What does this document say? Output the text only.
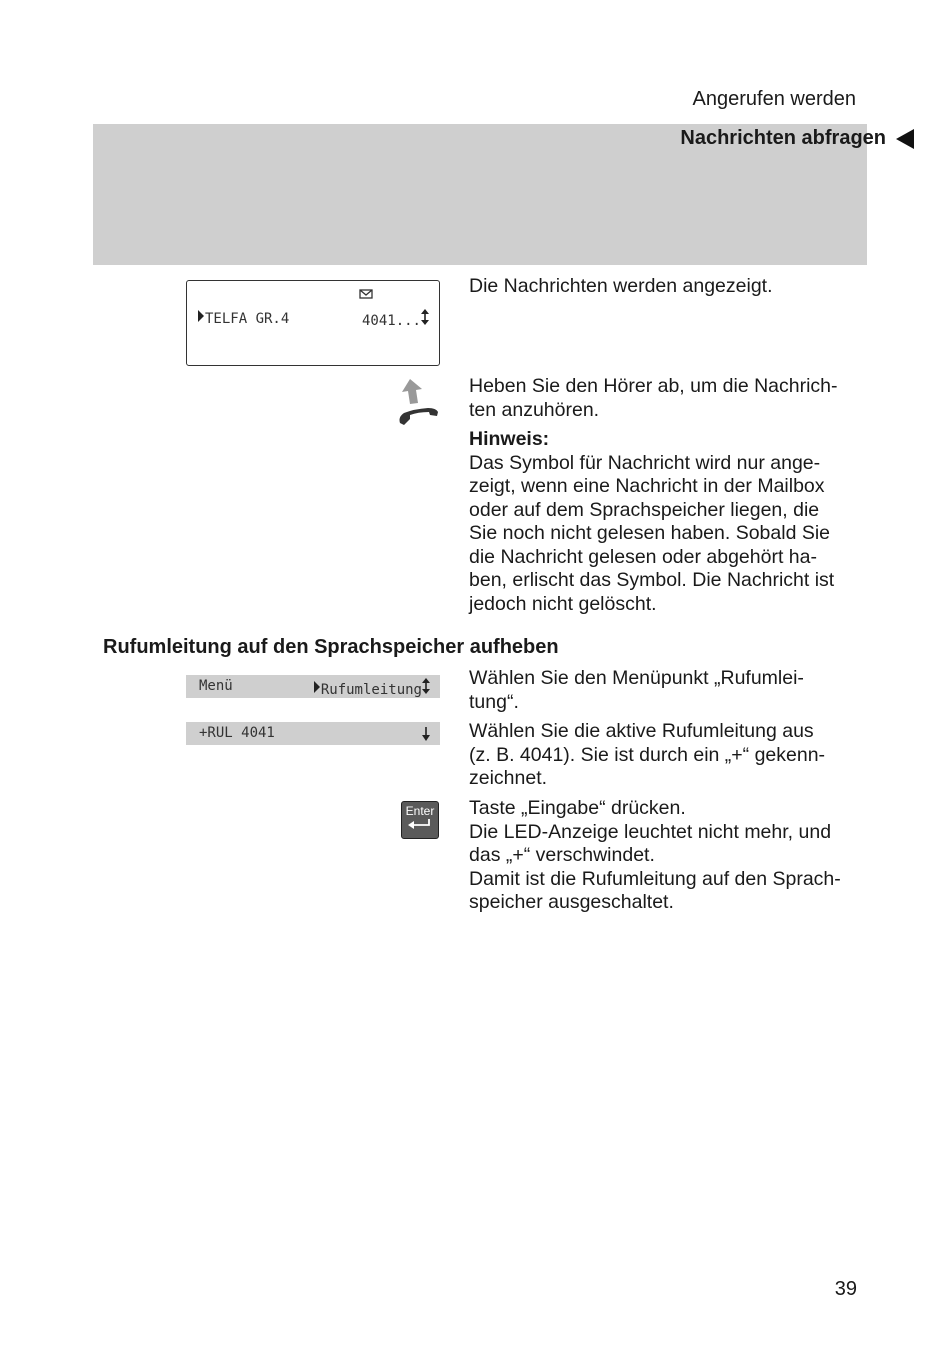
Angerufen werden
Nachrichten abfragen
TELFA GR.4	4041...
Die Nachrichten werden angezeigt.

Heben Sie den Hörer ab, um die Nachrich-

ten anzuhören.

Hinweis:

Das Symbol für Nachricht wird nur ange-

zeigt, wenn eine Nachricht in der Mailbox

oder auf dem Sprachspeicher liegen, die

Sie noch nicht gelesen haben. Sobald Sie

die Nachricht gelesen oder abgehört ha-

ben, erlischt das Symbol. Die Nachricht ist

jedoch nicht gelöscht.

Rufumleitung auf den Sprachspeicher aufheben
Menü	Rufumleitung

Wählen Sie den Menüpunkt „Rufumlei-

tung“.

+RUL 4041	Wählen Sie die aktive Rufumleitung aus

(z. B. 4041). Sie ist durch ein „+“ gekenn-

zeichnet.

Enter Taste „Eingabe“ drücken.

Die LED-Anzeige leuchtet nicht mehr, und

das „+“ verschwindet.

Damit ist die Rufumleitung auf den Sprach-

speicher ausgeschaltet.

39
